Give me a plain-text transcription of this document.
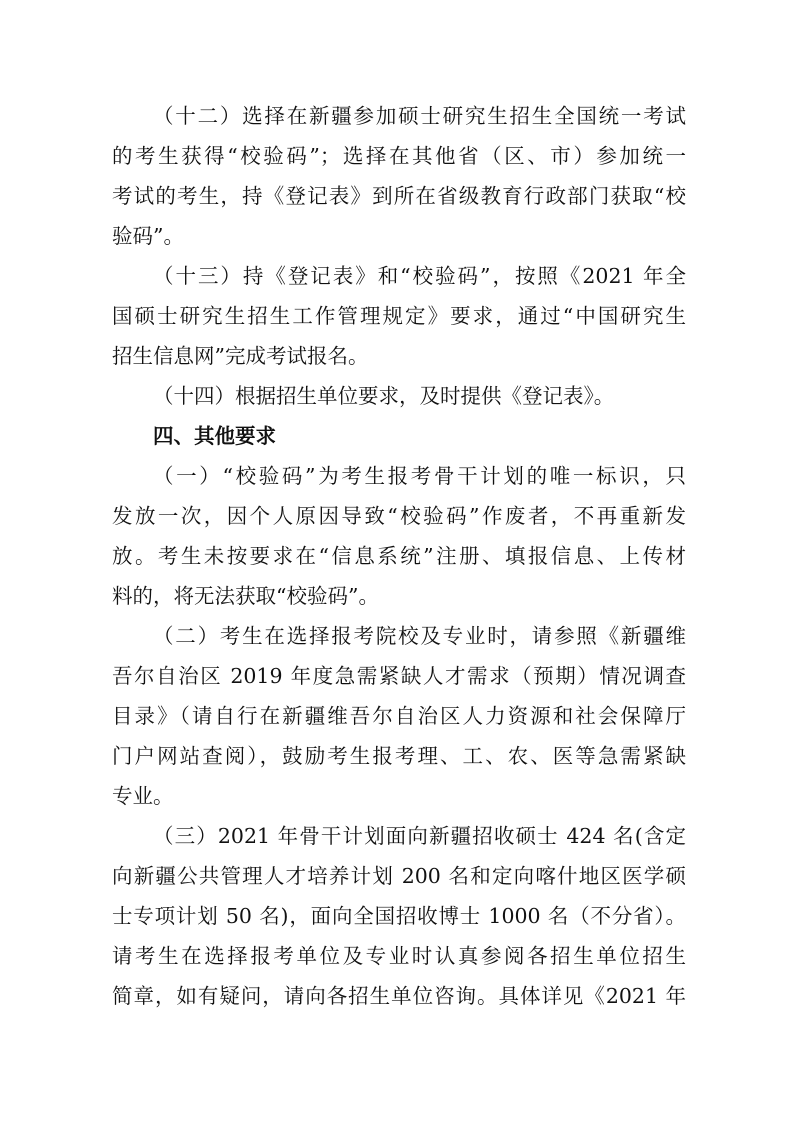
（十二）选择在新疆参加硕士研究生招生全国统一考试
的考生获得“校验码”；选择在其他省（区、市）参加统一
考试的考生，持《登记表》到所在省级教育行政部门获取“校
验码”。
（十三）持《登记表》和“校验码”，按照《2021 年全
国硕士研究生招生工作管理规定》要求，通过“中国研究生
招生信息网”完成考试报名。
（十四）根据招生单位要求，及时提供《登记表》。
四、其他要求
（一）“校验码”为考生报考骨干计划的唯一标识，只
发放一次，因个人原因导致“校验码”作废者，不再重新发
放。考生未按要求在“信息系统”注册、填报信息、上传材
料的，将无法获取“校验码”。
（二）考生在选择报考院校及专业时，请参照《新疆维
吾尔自治区 2019 年度急需紧缺人才需求（预期）情况调查
目录》（请自行在新疆维吾尔自治区人力资源和社会保障厅
门户网站查阅），鼓励考生报考理、工、农、医等急需紧缺
专业。
（三）2021 年骨干计划面向新疆招收硕士 424 名(含定
向新疆公共管理人才培养计划 200 名和定向喀什地区医学硕
士专项计划 50 名)，面向全国招收博士 1000 名（不分省）。
请考生在选择报考单位及专业时认真参阅各招生单位招生
简章，如有疑问，请向各招生单位咨询。具体详见《2021 年
